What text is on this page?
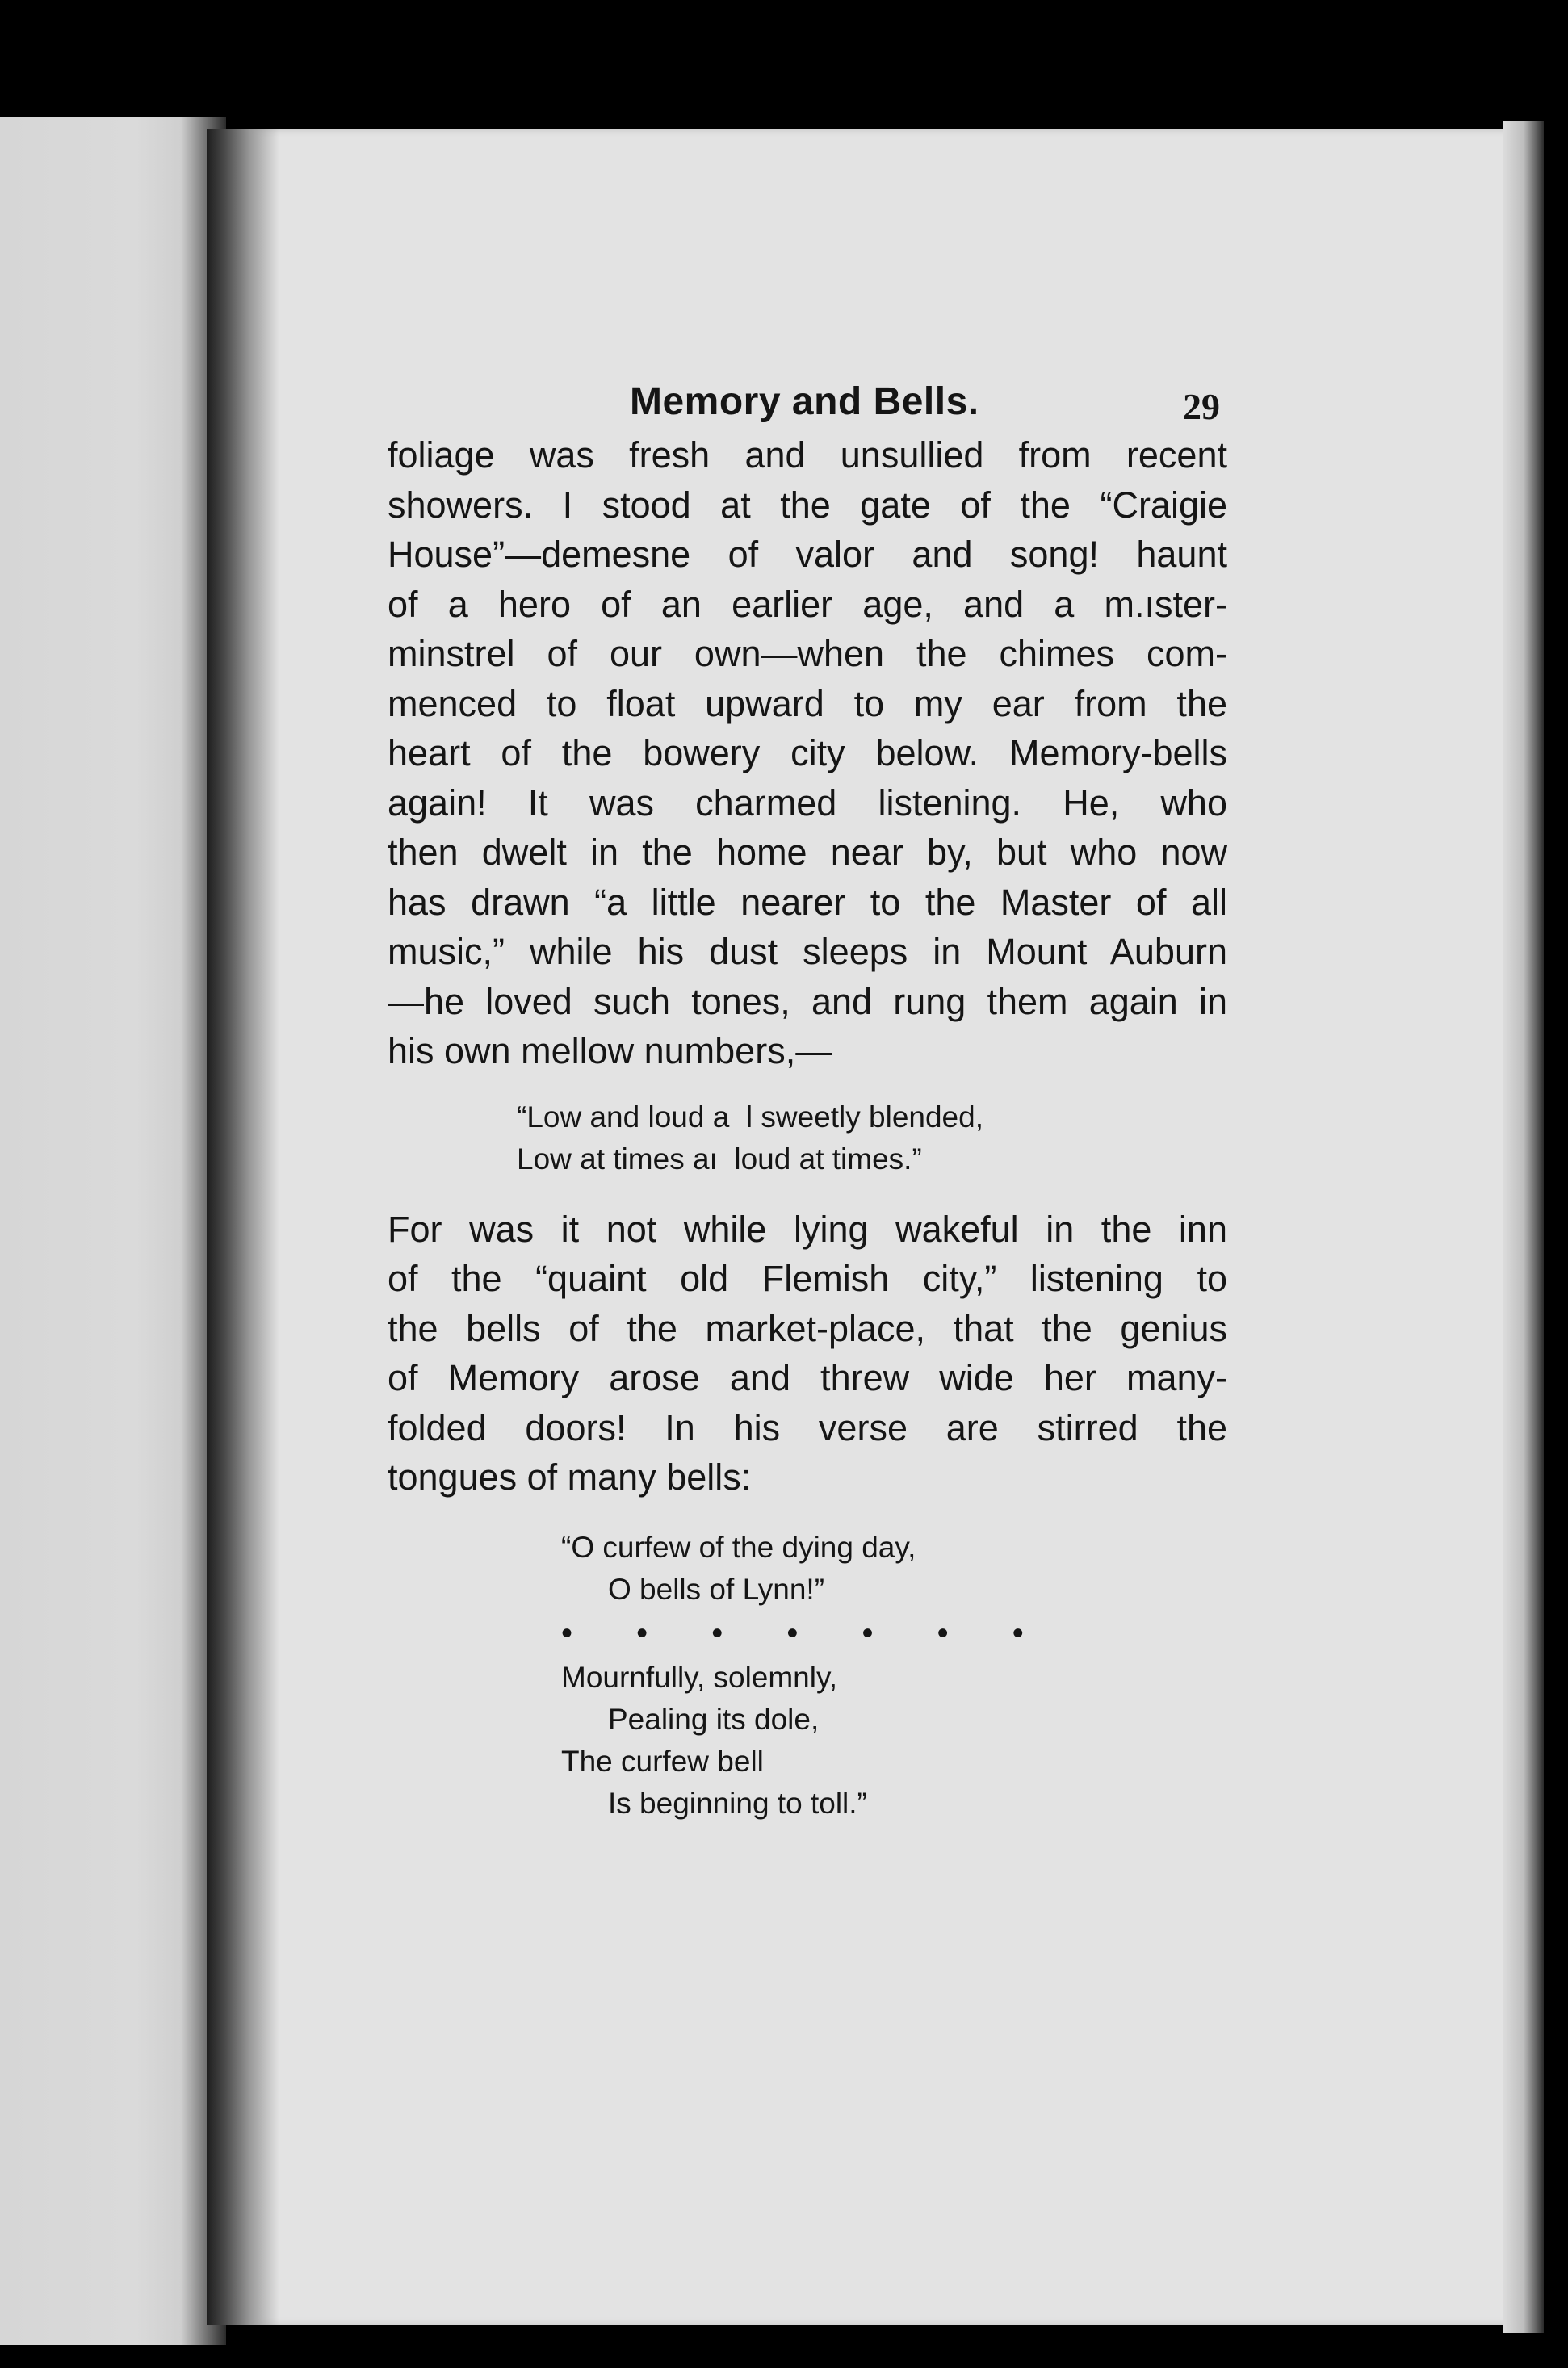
Memory and Bells.	29
foliage was fresh and unsullied from recent
showers. I stood at the gate of the “Craigie
House”—demesne of valor and song! haunt
of a hero of an earlier age, and a m.ıster-
minstrel of our own—when the chimes com-
menced to float upward to my ear from the
heart of the bowery city below. Memory-bells
again! It was charmed listening. He, who
then dwelt in the home near by, but who now
has drawn “a little nearer to the Master of all
music,” while his dust sleeps in Mount Auburn
—he loved such tones, and rung them again in
his own mellow numbers,—
“Low and loud a  l sweetly blended,
Low at times aı  loud at times.”
For was it not while lying wakeful in the inn
of the “quaint old Flemish city,” listening to
the bells of the market-place, that the genius
of Memory arose and threw wide her many-
folded doors! In his verse are stirred the
tongues of many bells:
“O curfew of the dying day,
O bells of Lynn!”
• • • • • • •
Mournfully, solemnly,
Pealing its dole,
The curfew bell
Is beginning to toll.”
